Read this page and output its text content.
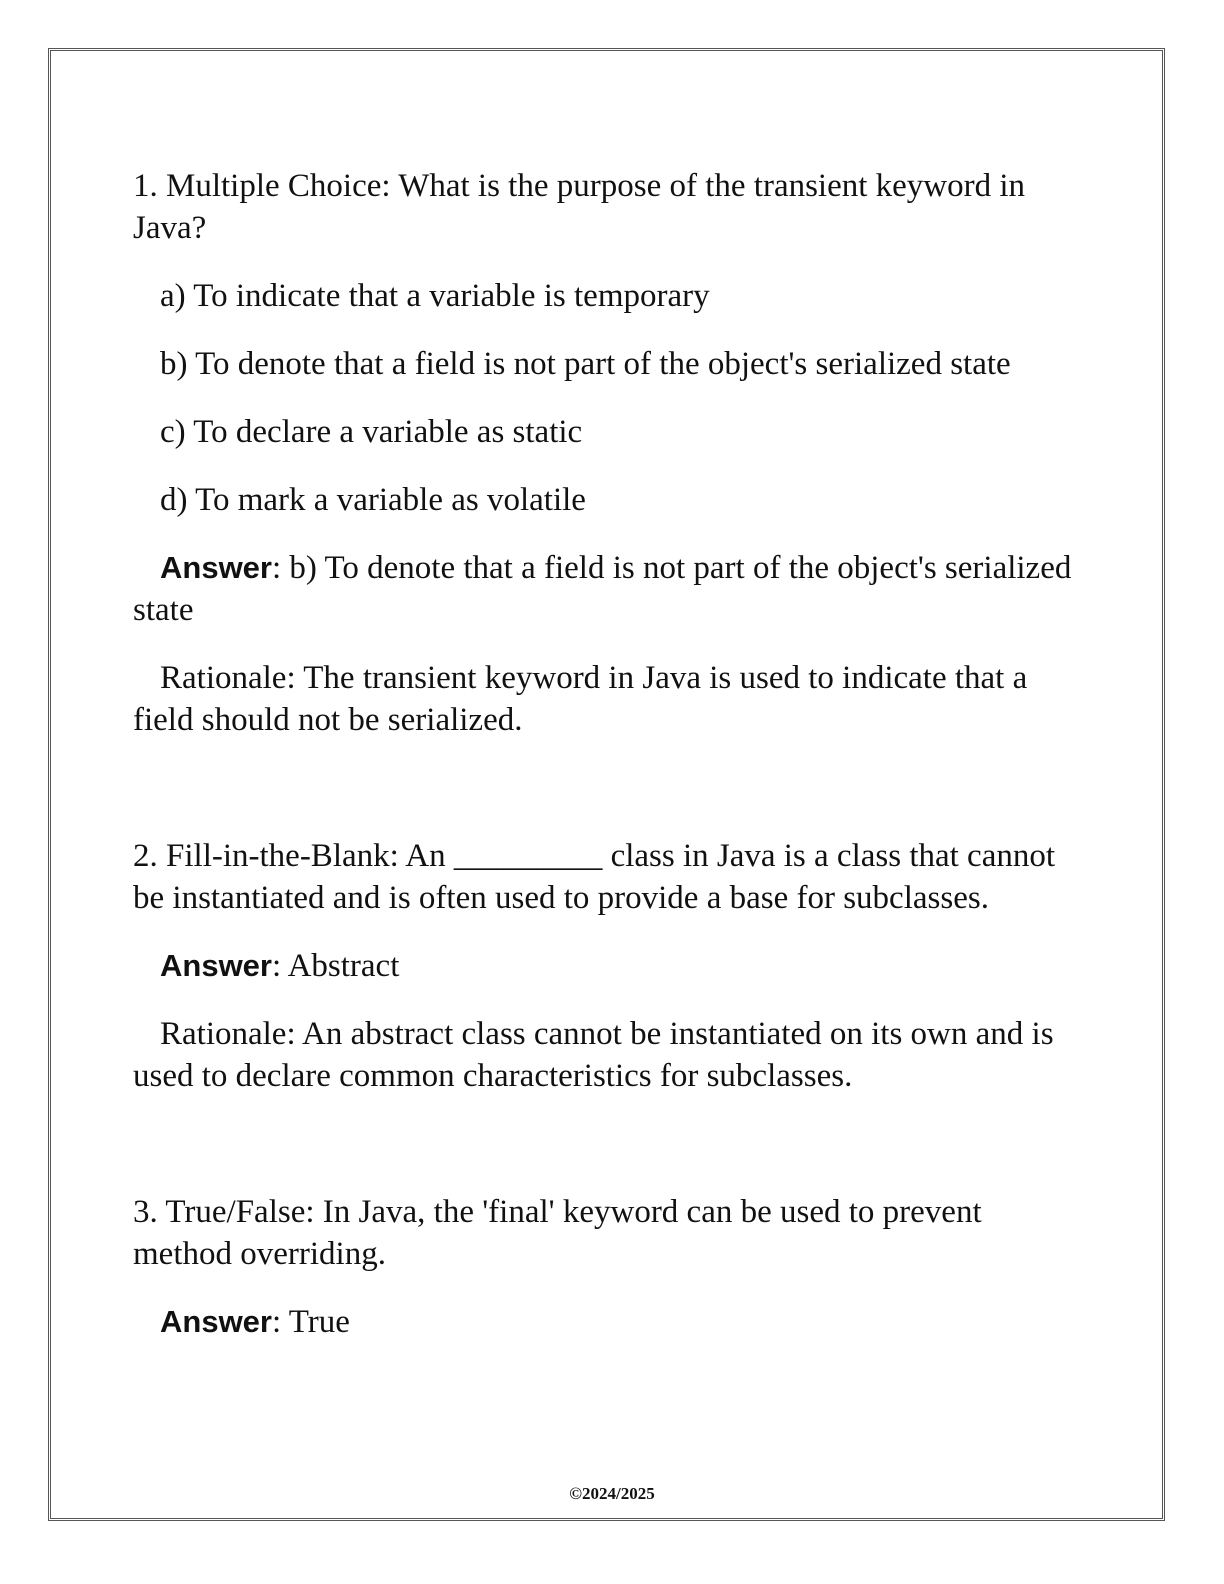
1. Multiple Choice: What is the purpose of the transient keyword in Java?

a) To indicate that a variable is temporary

b) To denote that a field is not part of the object's serialized state

c) To declare a variable as static

d) To mark a variable as volatile

Answer: b) To denote that a field is not part of the object's serialized state

Rationale: The transient keyword in Java is used to indicate that a field should not be serialized.

2. Fill-in-the-Blank: An _________ class in Java is a class that cannot be instantiated and is often used to provide a base for subclasses.

Answer: Abstract

Rationale: An abstract class cannot be instantiated on its own and is used to declare common characteristics for subclasses.

3. True/False: In Java, the 'final' keyword can be used to prevent method overriding.

Answer: True

©2024/2025
